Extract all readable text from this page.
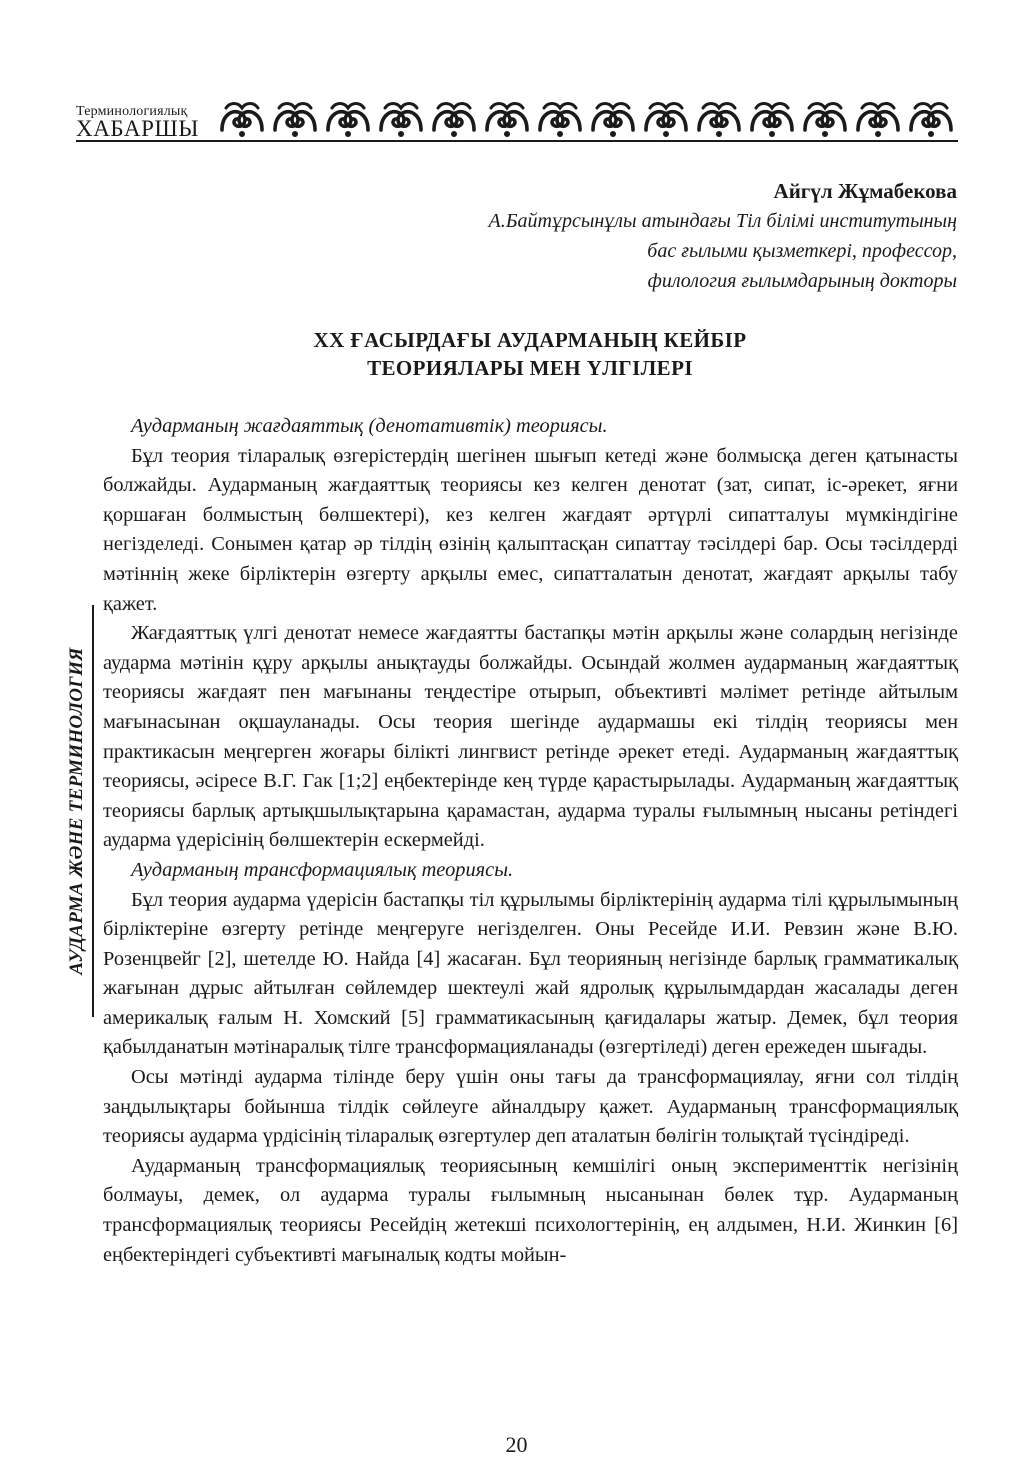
Терминологиялық
ХАБАРШЫ
АУДАРМА ЖӘНЕ ТЕРМИНОЛОГИЯ
Айгүл Жұмабекова
А.Байтұрсынұлы атындағы Тіл білімі институтының
бас ғылыми қызметкері, профессор,
филология ғылымдарының докторы
ХХ ҒАСЫРДАҒЫ АУДАРМАНЫҢ КЕЙБІР
ТЕОРИЯЛАРЫ МЕН ҮЛГІЛЕРІ

Аударманың жағдаяттық (денотативтік) теориясы.

Бұл теория тіларалық өзгерістердің шегінен шығып кетеді және болмысқа деген қатынасты болжайды. Аударманың жағдаяттық теориясы кез келген денотат (зат, сипат, іс-әрекет, яғни қоршаған болмыстың бөлшектері), кез келген жағдаят әртүрлі сипатталуы мүмкіндігіне негізделеді. Сонымен қатар әр тілдің өзінің қалыптасқан сипаттау тәсілдері бар. Осы тәсілдерді мәтіннің жеке бірліктерін өзгерту арқылы емес, сипатталатын денотат, жағдаят арқылы табу қажет.

Жағдаяттық үлгі денотат немесе жағдаятты бастапқы мәтін арқылы және солардың негізінде аударма мәтінін құру арқылы анықтауды болжайды. Осындай жолмен аударманың жағдаяттық теориясы жағдаят пен мағынаны теңдестіре отырып, объективті мәлімет ретінде айтылым мағынасынан оқшауланады. Осы теория шегінде аудармашы екі тілдің теориясы мен практикасын меңгерген жоғары білікті лингвист ретінде әрекет етеді. Аударманың жағдаяттық теориясы, әсіресе В.Г. Гак [1;2] еңбектерінде кең түрде қарастырылады. Аударманың жағдаяттық теориясы барлық артықшылықтарына қарамастан, аударма туралы ғылымның нысаны ретіндегі аударма үдерісінің бөлшектерін ескермейді.

Аударманың трансформациялық теориясы.

Бұл теория аударма үдерісін бастапқы тіл құрылымы бірліктерінің аударма тілі құрылымының бірліктеріне өзгерту ретінде меңгеруге негізделген. Оны Ресейде И.И. Ревзин және В.Ю. Розенцвейг [2], шетелде Ю. Найда [4] жасаған. Бұл теорияның негізінде барлық грамматикалық жағынан дұрыс айтылған сөйлемдер шектеулі жай ядролық құрылымдардан жасалады деген америкалық ғалым Н. Хомский [5] грамматикасының қағидалары жатыр. Демек, бұл теория қабылданатын мәтінаралық тілге трансформацияланады (өзгертіледі) деген ережеден шығады.

Осы мәтінді аударма тілінде беру үшін оны тағы да трансформациялау, яғни сол тілдің заңдылықтары бойынша тілдік сөйлеуге айналдыру қажет. Аударманың трансформациялық теориясы аударма үрдісінің тіларалық өзгертулер деп аталатын бөлігін толықтай түсіндіреді.

Аударманың трансформациялық теориясының кемшілігі оның эксперименттік негізінің болмауы, демек, ол аударма туралы ғылымның нысанынан бөлек тұр. Аударманың трансформациялық теориясы Ресейдің жетекші психологтерінің, ең алдымен, Н.И. Жинкин [6] еңбектеріндегі субъективті мағыналық кодты мойын-

20
